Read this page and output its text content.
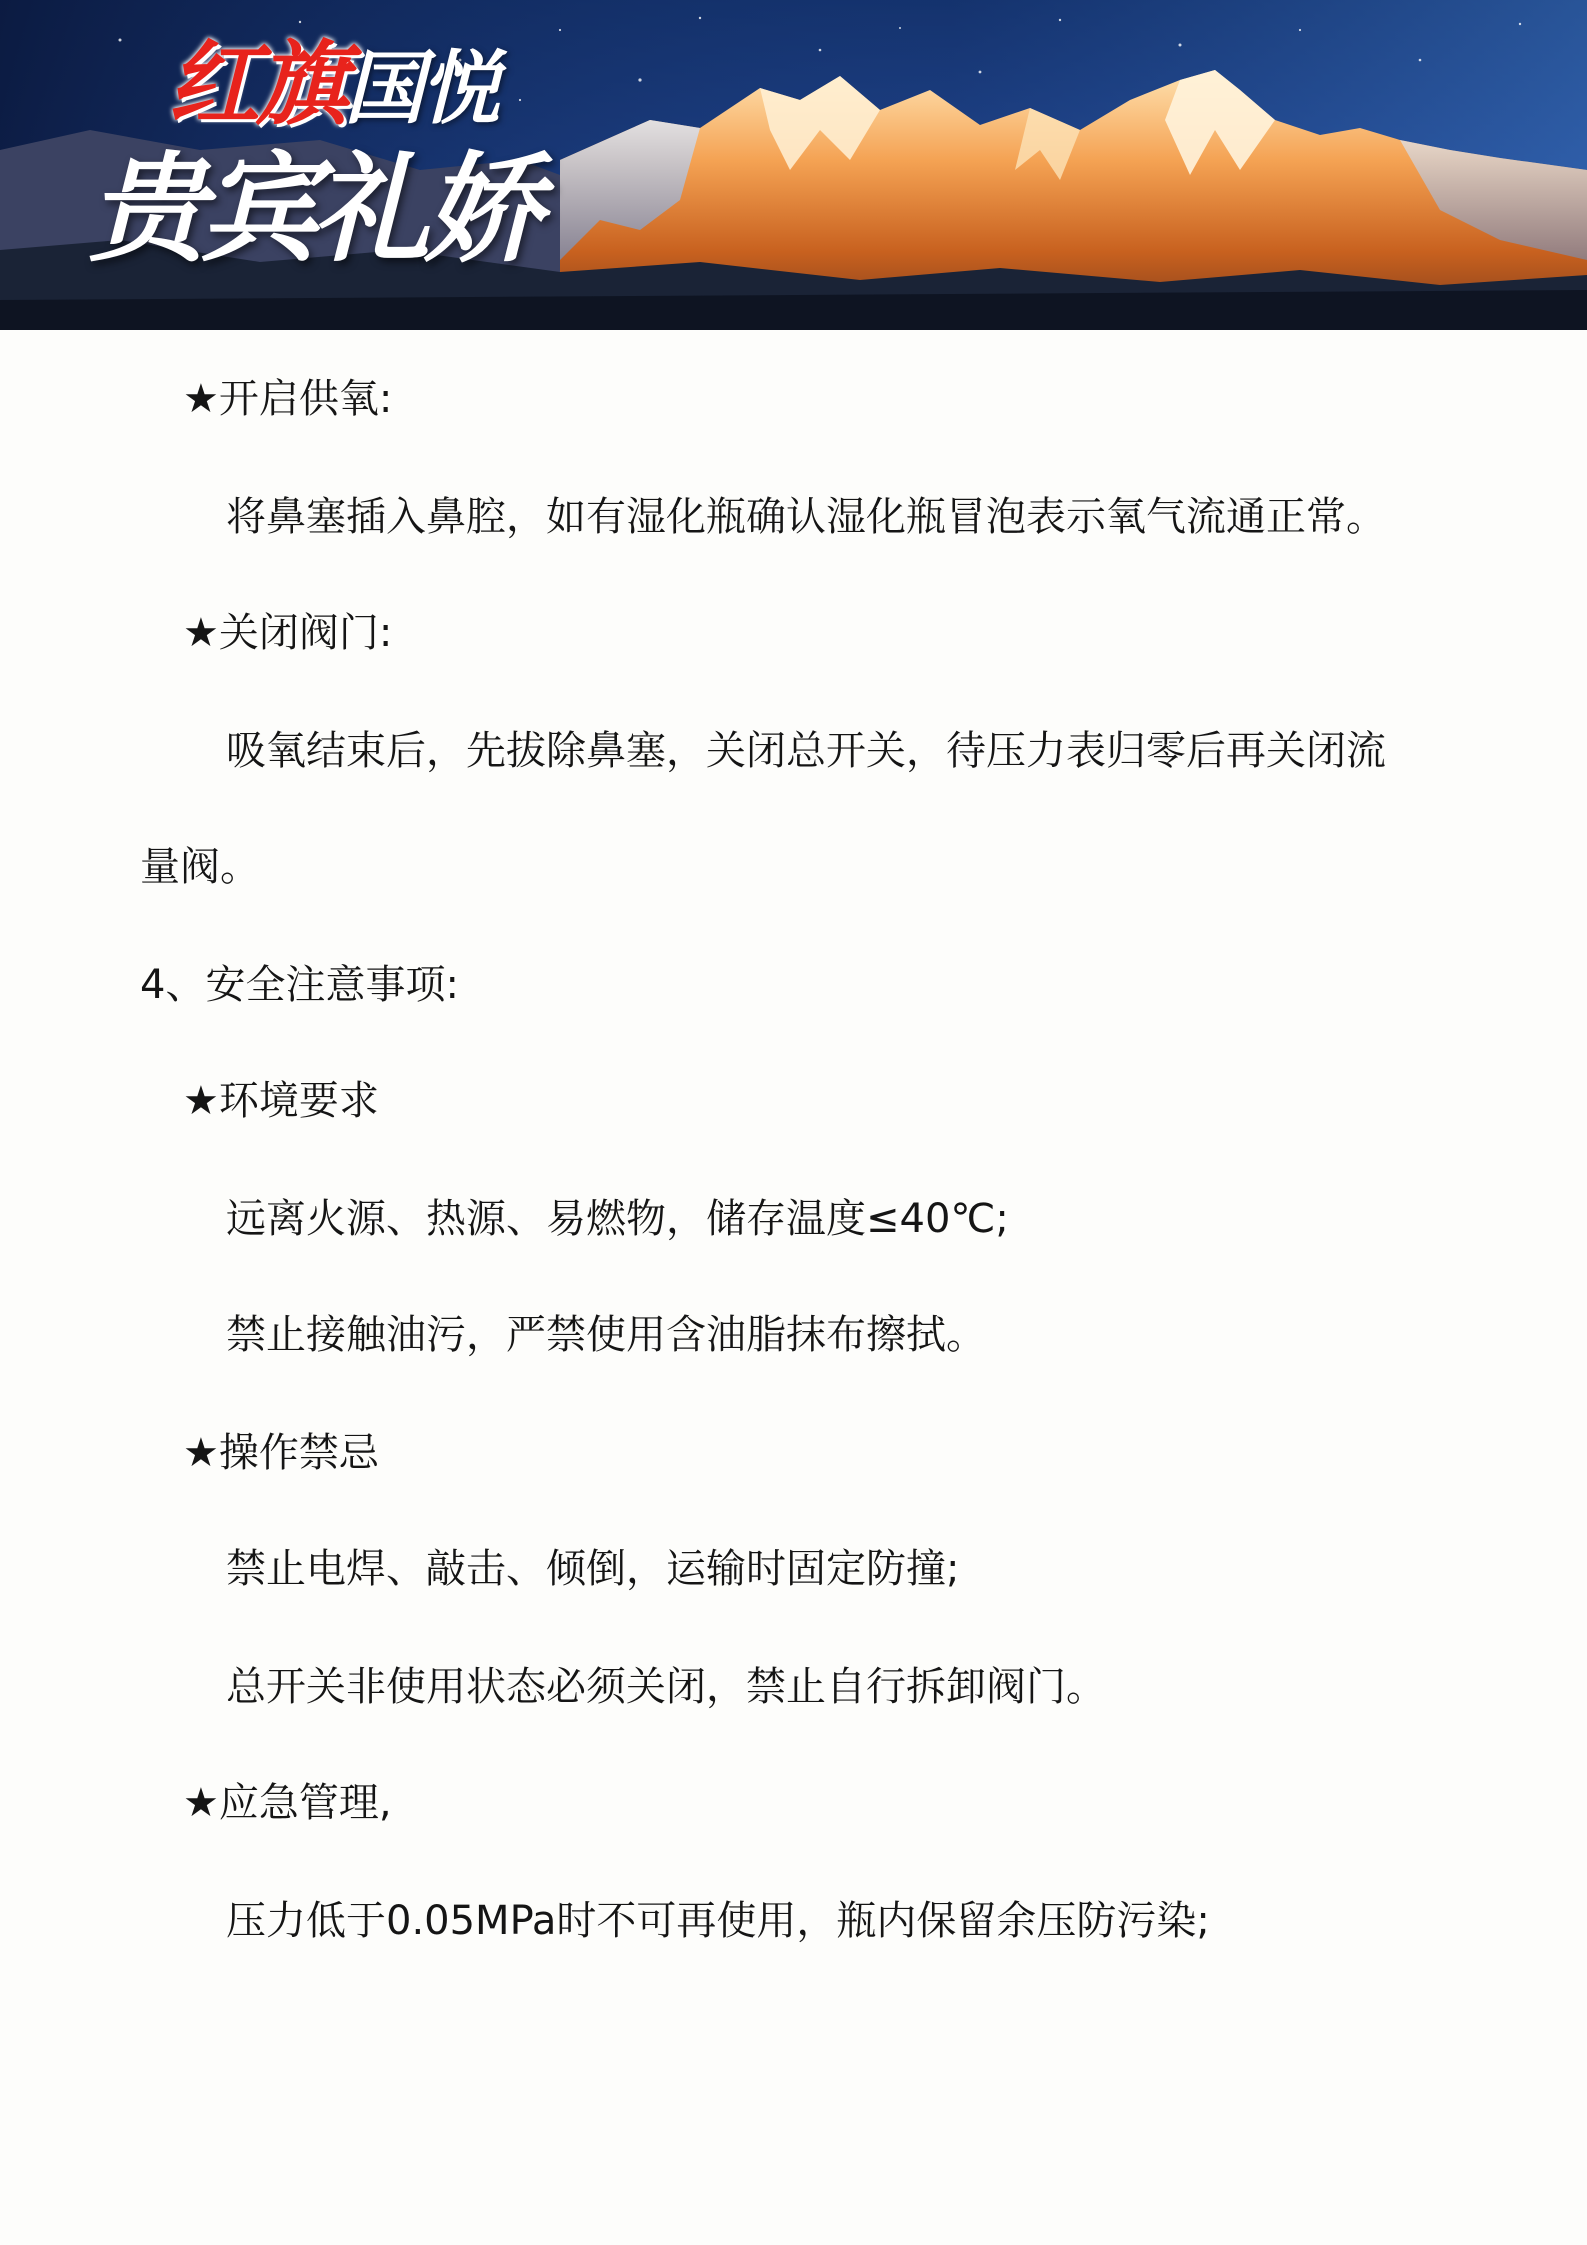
红旗国悦
贵宾礼娇
★开启供氧:
将鼻塞插入鼻腔，如有湿化瓶确认湿化瓶冒泡表示氧气流通正常。
★关闭阀门:
吸氧结束后，先拔除鼻塞，关闭总开关，待压力表归零后再关闭流
量阀。
4、安全注意事项:
★环境要求
远离火源、热源、易燃物，储存温度≤40℃;
禁止接触油污，严禁使用含油脂抹布擦拭。
★操作禁忌
禁止电焊、敲击、倾倒，运输时固定防撞;
总开关非使用状态必须关闭，禁止自行拆卸阀门。
★应急管理,
压力低于0.05MPa时不可再使用，瓶内保留余压防污染;
